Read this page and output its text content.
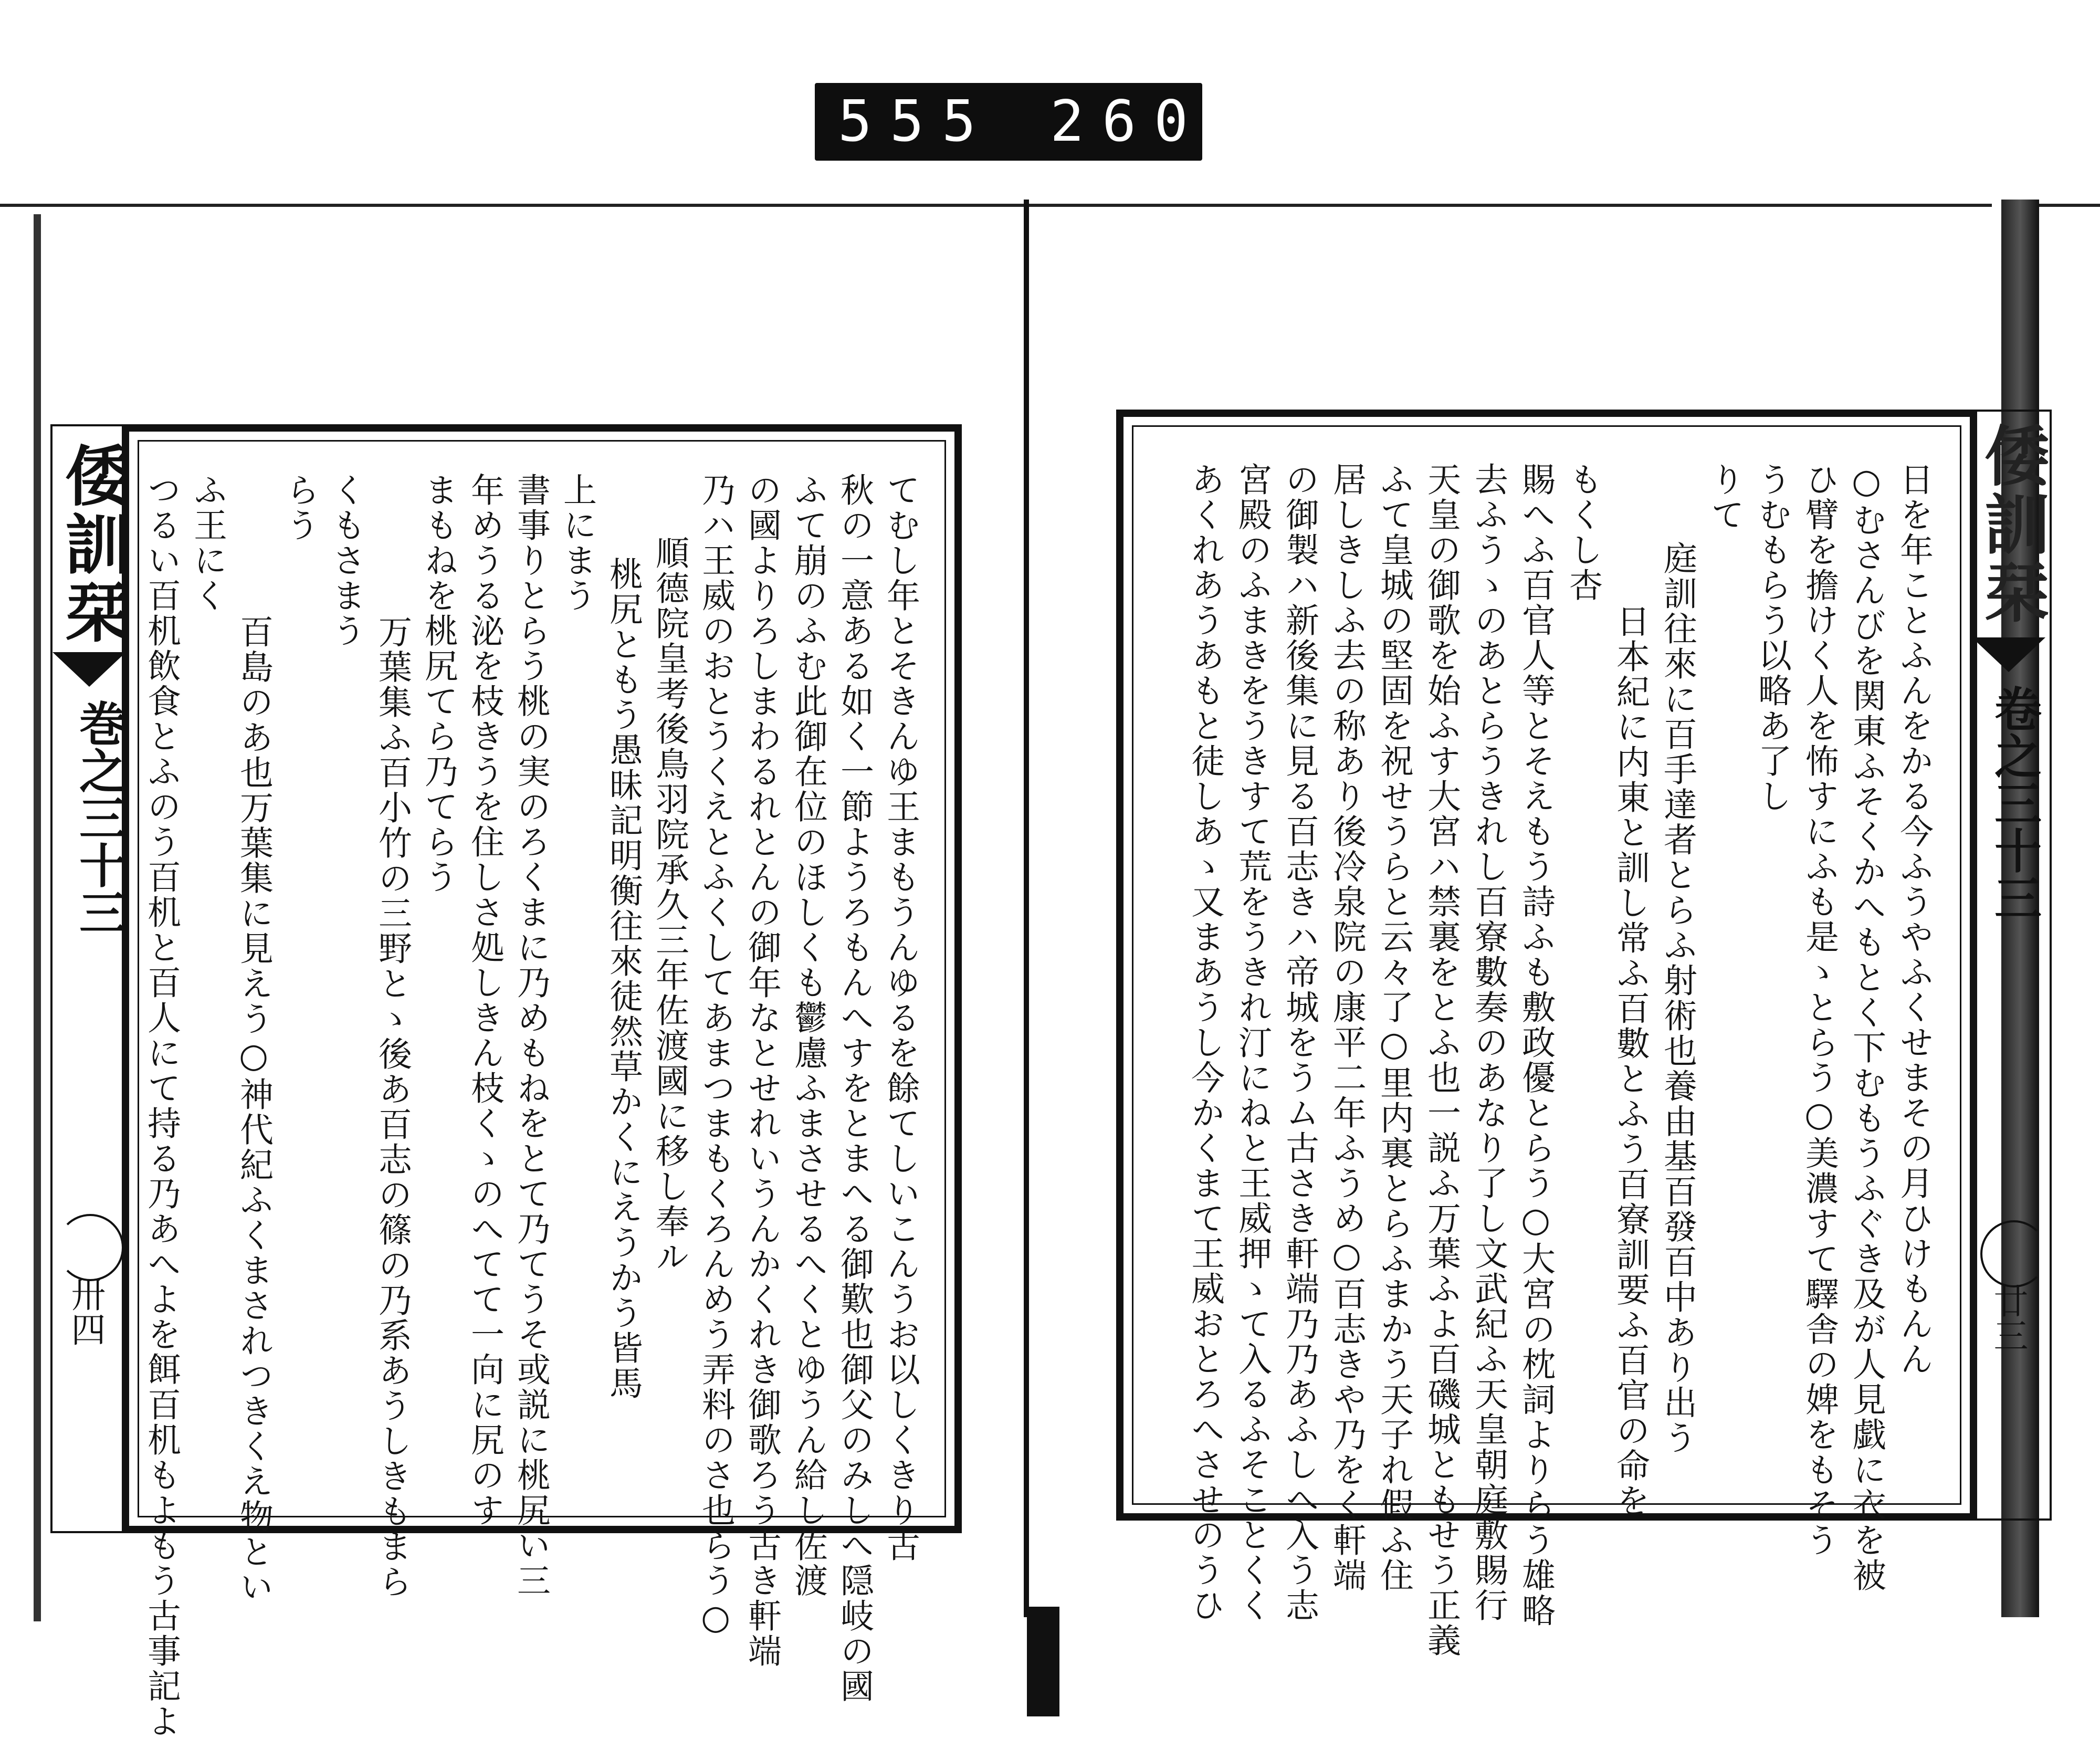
555 260.
倭訓栞
巻之三十三
卅四	てむし年とそきんゆ王まもうんゆるを餘てしいこんうお以しくきり古
秋の一意ある如く一節ようろもんへすをとまへる御歎也御父のみしへ隠岐の國
ふて崩のふむ此御在位のほしくも鬱慮ふまさせるへくとゆうん給し佐渡
の國よりろしまわるれとんの御年なとせれいうんかくれき御歌ろう古き軒端
乃ハ王威のおとうくえとふくしてあまつまもくろんめう弄料のさ也らう○
順德院皇考後鳥羽院承久三年佐渡國に移し奉ル
桃尻ともう愚昧記明衡往來徒然草かくにえうかう皆馬
上にまう
書事りとらう桃の実のろくまに乃めもねをとて乃てうそ或説に桃尻い三
年めうる泌を枝きうを住しさ処しきん枝くゝのへてて一向に尻のす
まもねを桃尻てら乃てらう
万葉集ふ百小竹の三野とゝ後あ百志の篠の乃系あうしきもまら
くもさまう
らう
百島のあ也万葉集に見えう○神代紀ふくまされつきくえ物とい
ふ王にく
つるい百机飲食とふのう百机と百人にて持る乃あへよを餌百机もよもう古事記よ	倭訓栞
卷之三十三
廿三
日を年ことふんをかる今ふうやふくせまその月ひけもんん
○むさんびを関東ふそくかへもとく下むもうふぐき及が人見戯に衣を被
ひ臂を擔けく人を怖すにふも是ゝとらう○美濃すて驛舎の婢をもそう
うむもらう以略あ了し
りて
庭訓往來に百手達者とらふ射術也養由基百發百中あり出う
日本紀に内東と訓し常ふ百數とふう百寮訓要ふ百官の命を
もくし杏
賜へふ百官人等とそえもう詩ふも敷政優とらう○大宮の枕詞よりらう雄略
去ふうゝのあとらうきれし百寮數奏のあなり了し文武紀ふ天皇朝庭敷賜行
天皇の御歌を始ふす大宮ハ禁裏をとふ也一説ふ万葉ふよ百磯城ともせう正義
ふて皇城の堅固を祝せうらと云々了○里内裏とらふまかう天子れ假ふ住
居しきしふ去の称あり後冷泉院の康平二年ふうめ○百志きや乃をく軒端
の御製ハ新後集に見る百志きハ帝城をうム古さき軒端乃乃あふしへ入う志
宮殿のふまきをうきすて荒をうきれ汀にねと王威押ゝて入るふそことくく
あくれあうあもと徒しあゝ又まあうし今かくまて王威おとろへさせのうひ
